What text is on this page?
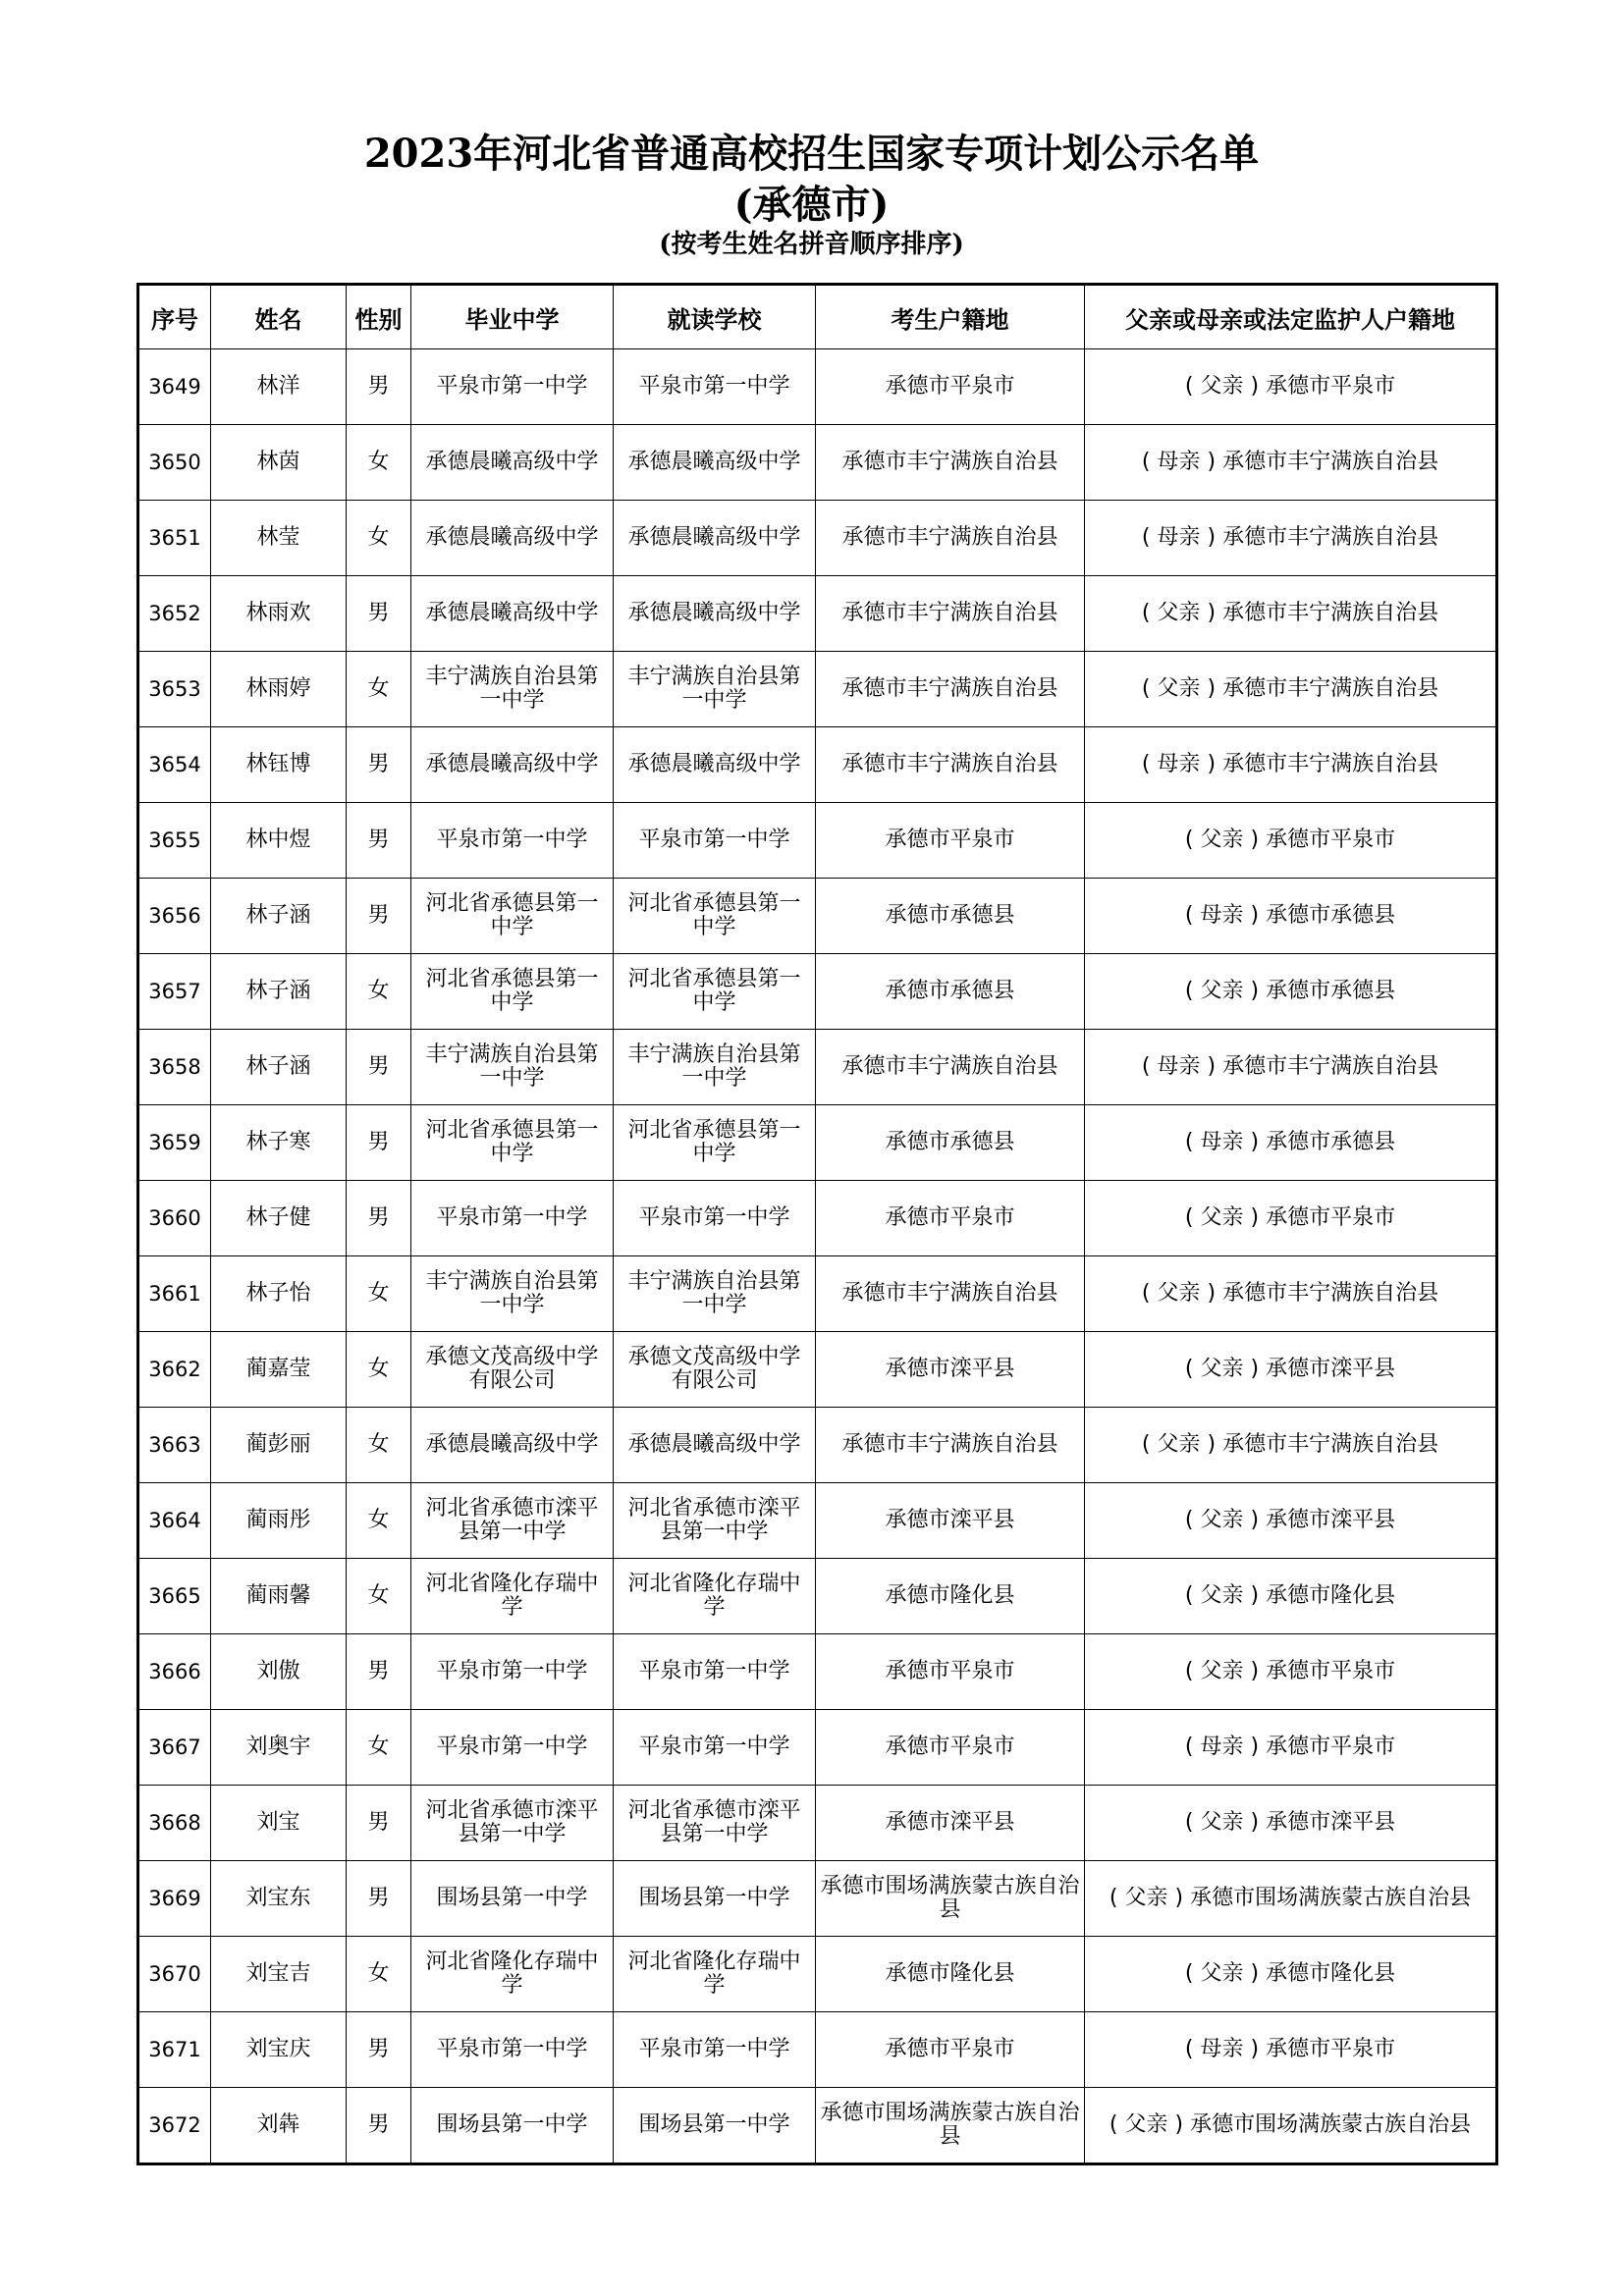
2023年河北省普通高校招生国家专项计划公示名单
(承德市)
(按考生姓名拼音顺序排序)
序号	姓名	性别	毕业中学	就读学校	考生户籍地	父亲或母亲或法定监护人户籍地
3649	林洋	男	平泉市第一中学	平泉市第一中学	承德市平泉市	( 父亲 ) 承德市平泉市
3650	林茵	女	承德晨曦高级中学	承德晨曦高级中学	承德市丰宁满族自治县	( 母亲 ) 承德市丰宁满族自治县
3651	林莹	女	承德晨曦高级中学	承德晨曦高级中学	承德市丰宁满族自治县	( 母亲 ) 承德市丰宁满族自治县
3652	林雨欢	男	承德晨曦高级中学	承德晨曦高级中学	承德市丰宁满族自治县	( 父亲 ) 承德市丰宁满族自治县
3653	林雨婷	女	丰宁满族自治县第一中学	丰宁满族自治县第一中学	承德市丰宁满族自治县	( 父亲 ) 承德市丰宁满族自治县
3654	林钰博	男	承德晨曦高级中学	承德晨曦高级中学	承德市丰宁满族自治县	( 母亲 ) 承德市丰宁满族自治县
3655	林中煜	男	平泉市第一中学	平泉市第一中学	承德市平泉市	( 父亲 ) 承德市平泉市
3656	林子涵	男	河北省承德县第一中学	河北省承德县第一中学	承德市承德县	( 母亲 ) 承德市承德县
3657	林子涵	女	河北省承德县第一中学	河北省承德县第一中学	承德市承德县	( 父亲 ) 承德市承德县
3658	林子涵	男	丰宁满族自治县第一中学	丰宁满族自治县第一中学	承德市丰宁满族自治县	( 母亲 ) 承德市丰宁满族自治县
3659	林子寒	男	河北省承德县第一中学	河北省承德县第一中学	承德市承德县	( 母亲 ) 承德市承德县
3660	林子健	男	平泉市第一中学	平泉市第一中学	承德市平泉市	( 父亲 ) 承德市平泉市
3661	林子怡	女	丰宁满族自治县第一中学	丰宁满族自治县第一中学	承德市丰宁满族自治县	( 父亲 ) 承德市丰宁满族自治县
3662	蔺嘉莹	女	承德文茂高级中学有限公司	承德文茂高级中学有限公司	承德市滦平县	( 父亲 ) 承德市滦平县
3663	蔺彭丽	女	承德晨曦高级中学	承德晨曦高级中学	承德市丰宁满族自治县	( 父亲 ) 承德市丰宁满族自治县
3664	蔺雨彤	女	河北省承德市滦平县第一中学	河北省承德市滦平县第一中学	承德市滦平县	( 父亲 ) 承德市滦平县
3665	蔺雨馨	女	河北省隆化存瑞中学	河北省隆化存瑞中学	承德市隆化县	( 父亲 ) 承德市隆化县
3666	刘傲	男	平泉市第一中学	平泉市第一中学	承德市平泉市	( 父亲 ) 承德市平泉市
3667	刘奥宇	女	平泉市第一中学	平泉市第一中学	承德市平泉市	( 母亲 ) 承德市平泉市
3668	刘宝	男	河北省承德市滦平县第一中学	河北省承德市滦平县第一中学	承德市滦平县	( 父亲 ) 承德市滦平县
3669	刘宝东	男	围场县第一中学	围场县第一中学	承德市围场满族蒙古族自治县	( 父亲 ) 承德市围场满族蒙古族自治县
3670	刘宝吉	女	河北省隆化存瑞中学	河北省隆化存瑞中学	承德市隆化县	( 父亲 ) 承德市隆化县
3671	刘宝庆	男	平泉市第一中学	平泉市第一中学	承德市平泉市	( 母亲 ) 承德市平泉市
3672	刘犇	男	围场县第一中学	围场县第一中学	承德市围场满族蒙古族自治县	( 父亲 ) 承德市围场满族蒙古族自治县
